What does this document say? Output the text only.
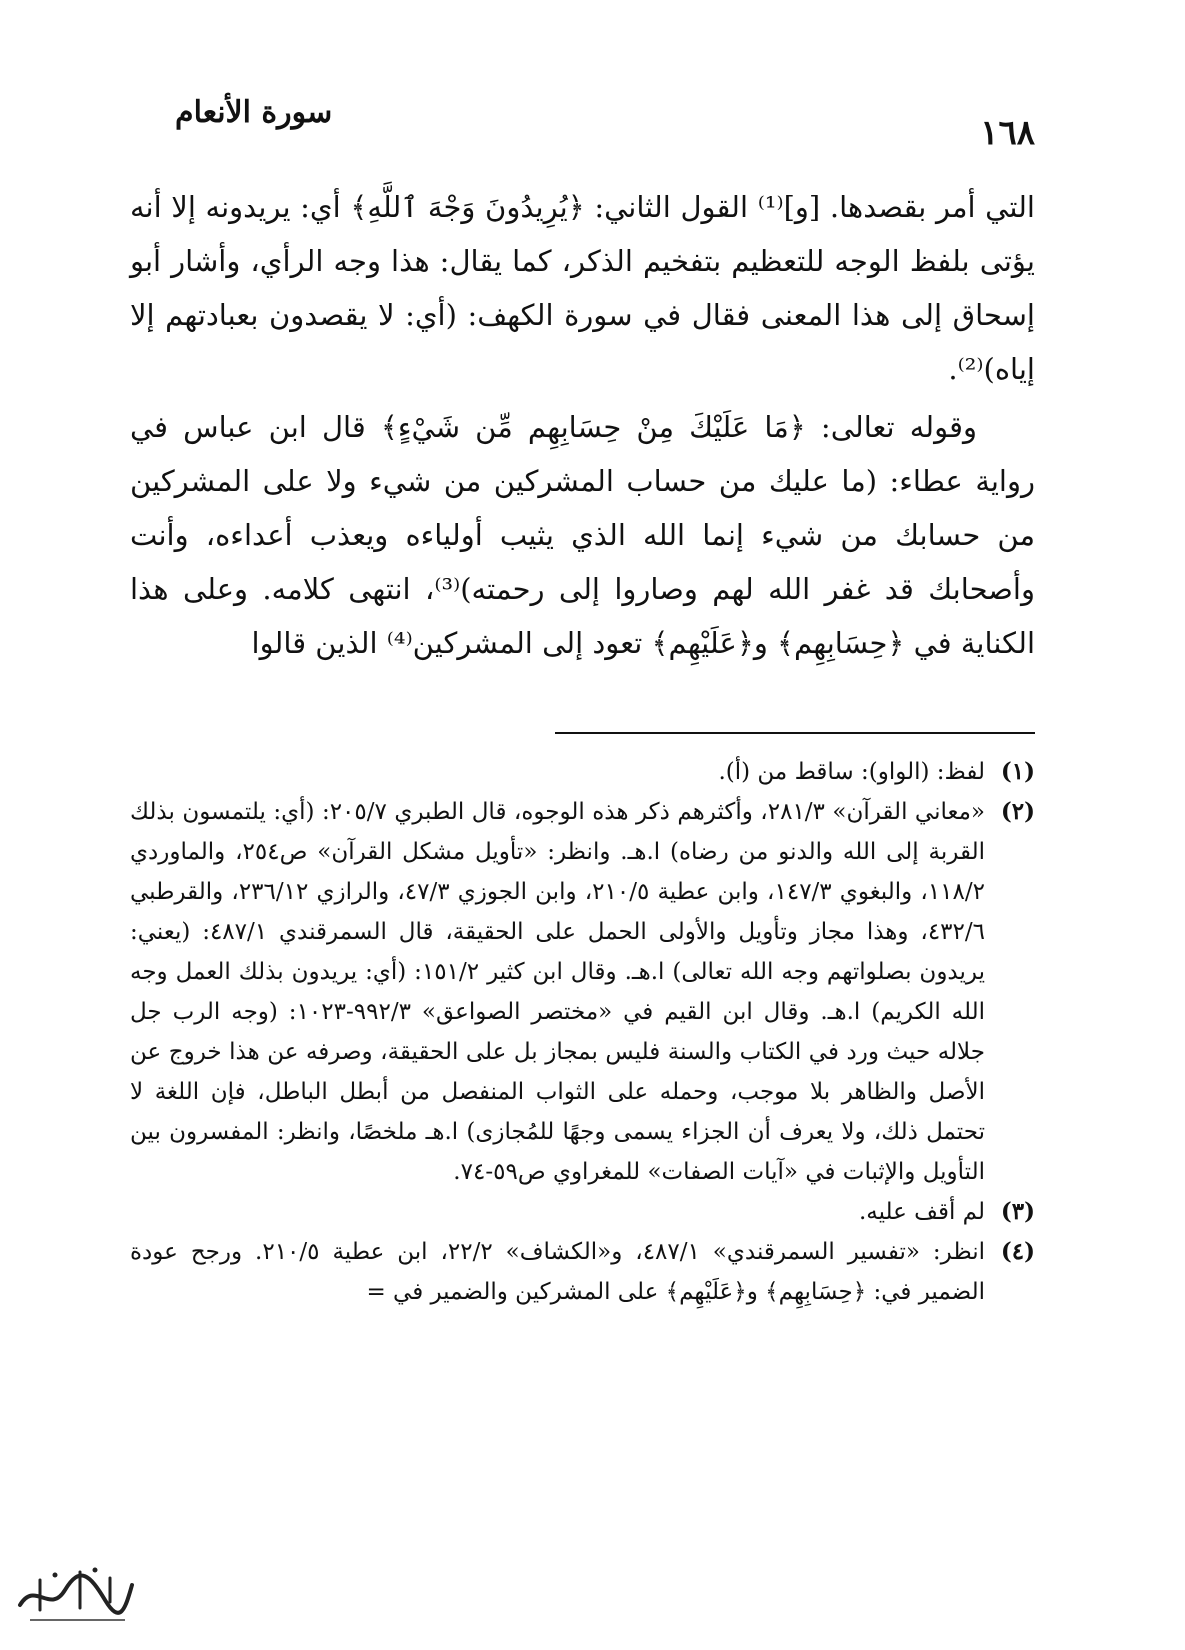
سورة الأنعام
١٦٨

التي أمر بقصدها. [و]⁽¹⁾ القول الثاني: ﴿يُرِيدُونَ وَجْهَ ٱللَّهِ﴾ أي: يريدونه إلا أنه يؤتى بلفظ الوجه للتعظيم بتفخيم الذكر، كما يقال: هذا وجه الرأي، وأشار أبو إسحاق إلى هذا المعنى فقال في سورة الكهف: (أي: لا يقصدون بعبادتهم إلا إياه)⁽²⁾.

وقوله تعالى: ﴿مَا عَلَيْكَ مِنْ حِسَابِهِم مِّن شَيْءٍ﴾ قال ابن عباس في رواية عطاء: (ما عليك من حساب المشركين من شيء ولا على المشركين من حسابك من شيء إنما الله الذي يثيب أولياءه ويعذب أعداءه، وأنت وأصحابك قد غفر الله لهم وصاروا إلى رحمته)⁽³⁾، انتهى كلامه. وعلى هذا الكناية في ﴿حِسَابِهِم﴾ و﴿عَلَيْهِم﴾ تعود إلى المشركين⁽⁴⁾ الذين قالوا

(١)
لفظ: (الواو): ساقط من (أ).
(٢)
«معاني القرآن» ٢٨١/٣، وأكثرهم ذكر هذه الوجوه، قال الطبري ٢٠٥/٧: (أي: يلتمسون بذلك القربة إلى الله والدنو من رضاه) ا.هـ. وانظر: «تأويل مشكل القرآن» ص٢٥٤، والماوردي ١١٨/٢، والبغوي ١٤٧/٣، وابن عطية ٢١٠/٥، وابن الجوزي ٤٧/٣، والرازي ٢٣٦/١٢، والقرطبي ٤٣٢/٦، وهذا مجاز وتأويل والأولى الحمل على الحقيقة، قال السمرقندي ٤٨٧/١: (يعني: يريدون بصلواتهم وجه الله تعالى) ا.هـ. وقال ابن كثير ١٥١/٢: (أي: يريدون بذلك العمل وجه الله الكريم) ا.هـ. وقال ابن القيم في «مختصر الصواعق» ٩٩٢/٣-١٠٢٣: (وجه الرب جل جلاله حيث ورد في الكتاب والسنة فليس بمجاز بل على الحقيقة، وصرفه عن هذا خروج عن الأصل والظاهر بلا موجب، وحمله على الثواب المنفصل من أبطل الباطل، فإن اللغة لا تحتمل ذلك، ولا يعرف أن الجزاء يسمى وجهًا للمُجازى) ا.هـ ملخصًا، وانظر: المفسرون بين التأويل والإثبات في «آيات الصفات» للمغراوي ص٥٩-٧٤.
(٣)
لم أقف عليه.
(٤)
انظر: «تفسير السمرقندي» ٤٨٧/١، و«الكشاف» ٢٢/٢، ابن عطية ٢١٠/٥. ورجح عودة الضمير في: ﴿حِسَابِهِم﴾ و﴿عَلَيْهِم﴾ على المشركين والضمير في =
